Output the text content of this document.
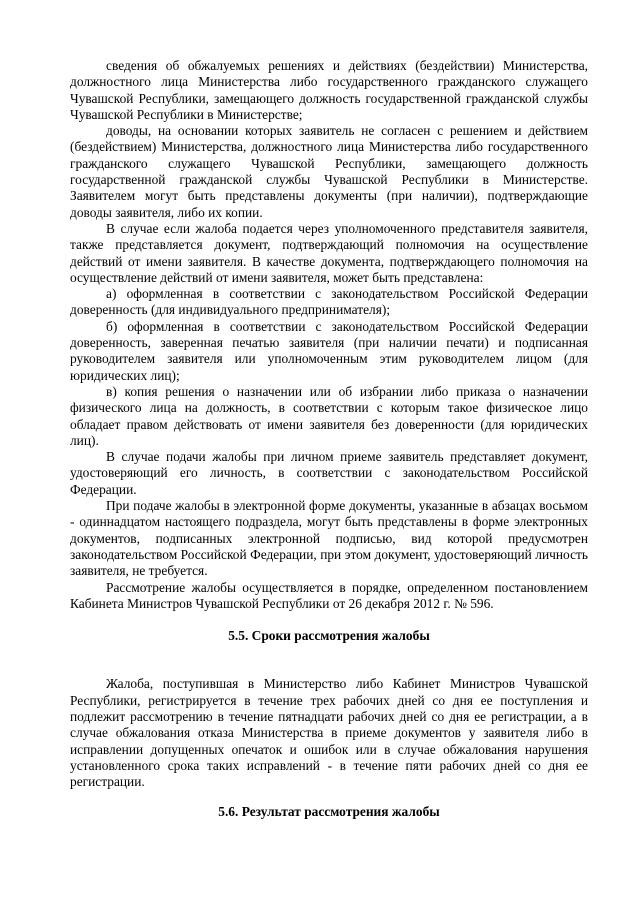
сведения об обжалуемых решениях и действиях (бездействии) Министерства, должностного лица Министерства либо государственного гражданского служащего Чувашской Республики, замещающего должность государственной гражданской службы Чувашской Республики в Министерстве;

доводы, на основании которых заявитель не согласен с решением и действием (бездействием) Министерства, должностного лица Министерства либо государственного гражданского служащего Чувашской Республики, замещающего должность государственной гражданской службы Чувашской Республики в Министерстве. Заявителем могут быть представлены документы (при наличии), подтверждающие доводы заявителя, либо их копии.

В случае если жалоба подается через уполномоченного представителя заявителя, также представляется документ, подтверждающий полномочия на осуществление действий от имени заявителя. В качестве документа, подтверждающего полномочия на осуществление действий от имени заявителя, может быть представлена:

а) оформленная в соответствии с законодательством Российской Федерации доверенность (для индивидуального предпринимателя);

б) оформленная в соответствии с законодательством Российской Федерации доверенность, заверенная печатью заявителя (при наличии печати) и подписанная руководителем заявителя или уполномоченным этим руководителем лицом (для юридических лиц);

в) копия решения о назначении или об избрании либо приказа о назначении физического лица на должность, в соответствии с которым такое физическое лицо обладает правом действовать от имени заявителя без доверенности (для юридических лиц).

В случае подачи жалобы при личном приеме заявитель представляет документ, удостоверяющий его личность, в соответствии с законодательством Российской Федерации.

При подаче жалобы в электронной форме документы, указанные в абзацах восьмом - одиннадцатом настоящего подраздела, могут быть представлены в форме электронных документов, подписанных электронной подписью, вид которой предусмотрен законодательством Российской Федерации, при этом документ, удостоверяющий личность заявителя, не требуется.

Рассмотрение жалобы осуществляется в порядке, определенном постановлением Кабинета Министров Чувашской Республики от 26 декабря 2012 г. № 596.

5.5. Сроки рассмотрения жалобы

Жалоба, поступившая в Министерство либо Кабинет Министров Чувашской Республики, регистрируется в течение трех рабочих дней со дня ее поступления и подлежит рассмотрению в течение пятнадцати рабочих дней со дня ее регистрации, а в случае обжалования отказа Министерства в приеме документов у заявителя либо в исправлении допущенных опечаток и ошибок или в случае обжалования нарушения установленного срока таких исправлений - в течение пяти рабочих дней со дня ее регистрации.

5.6. Результат рассмотрения жалобы
